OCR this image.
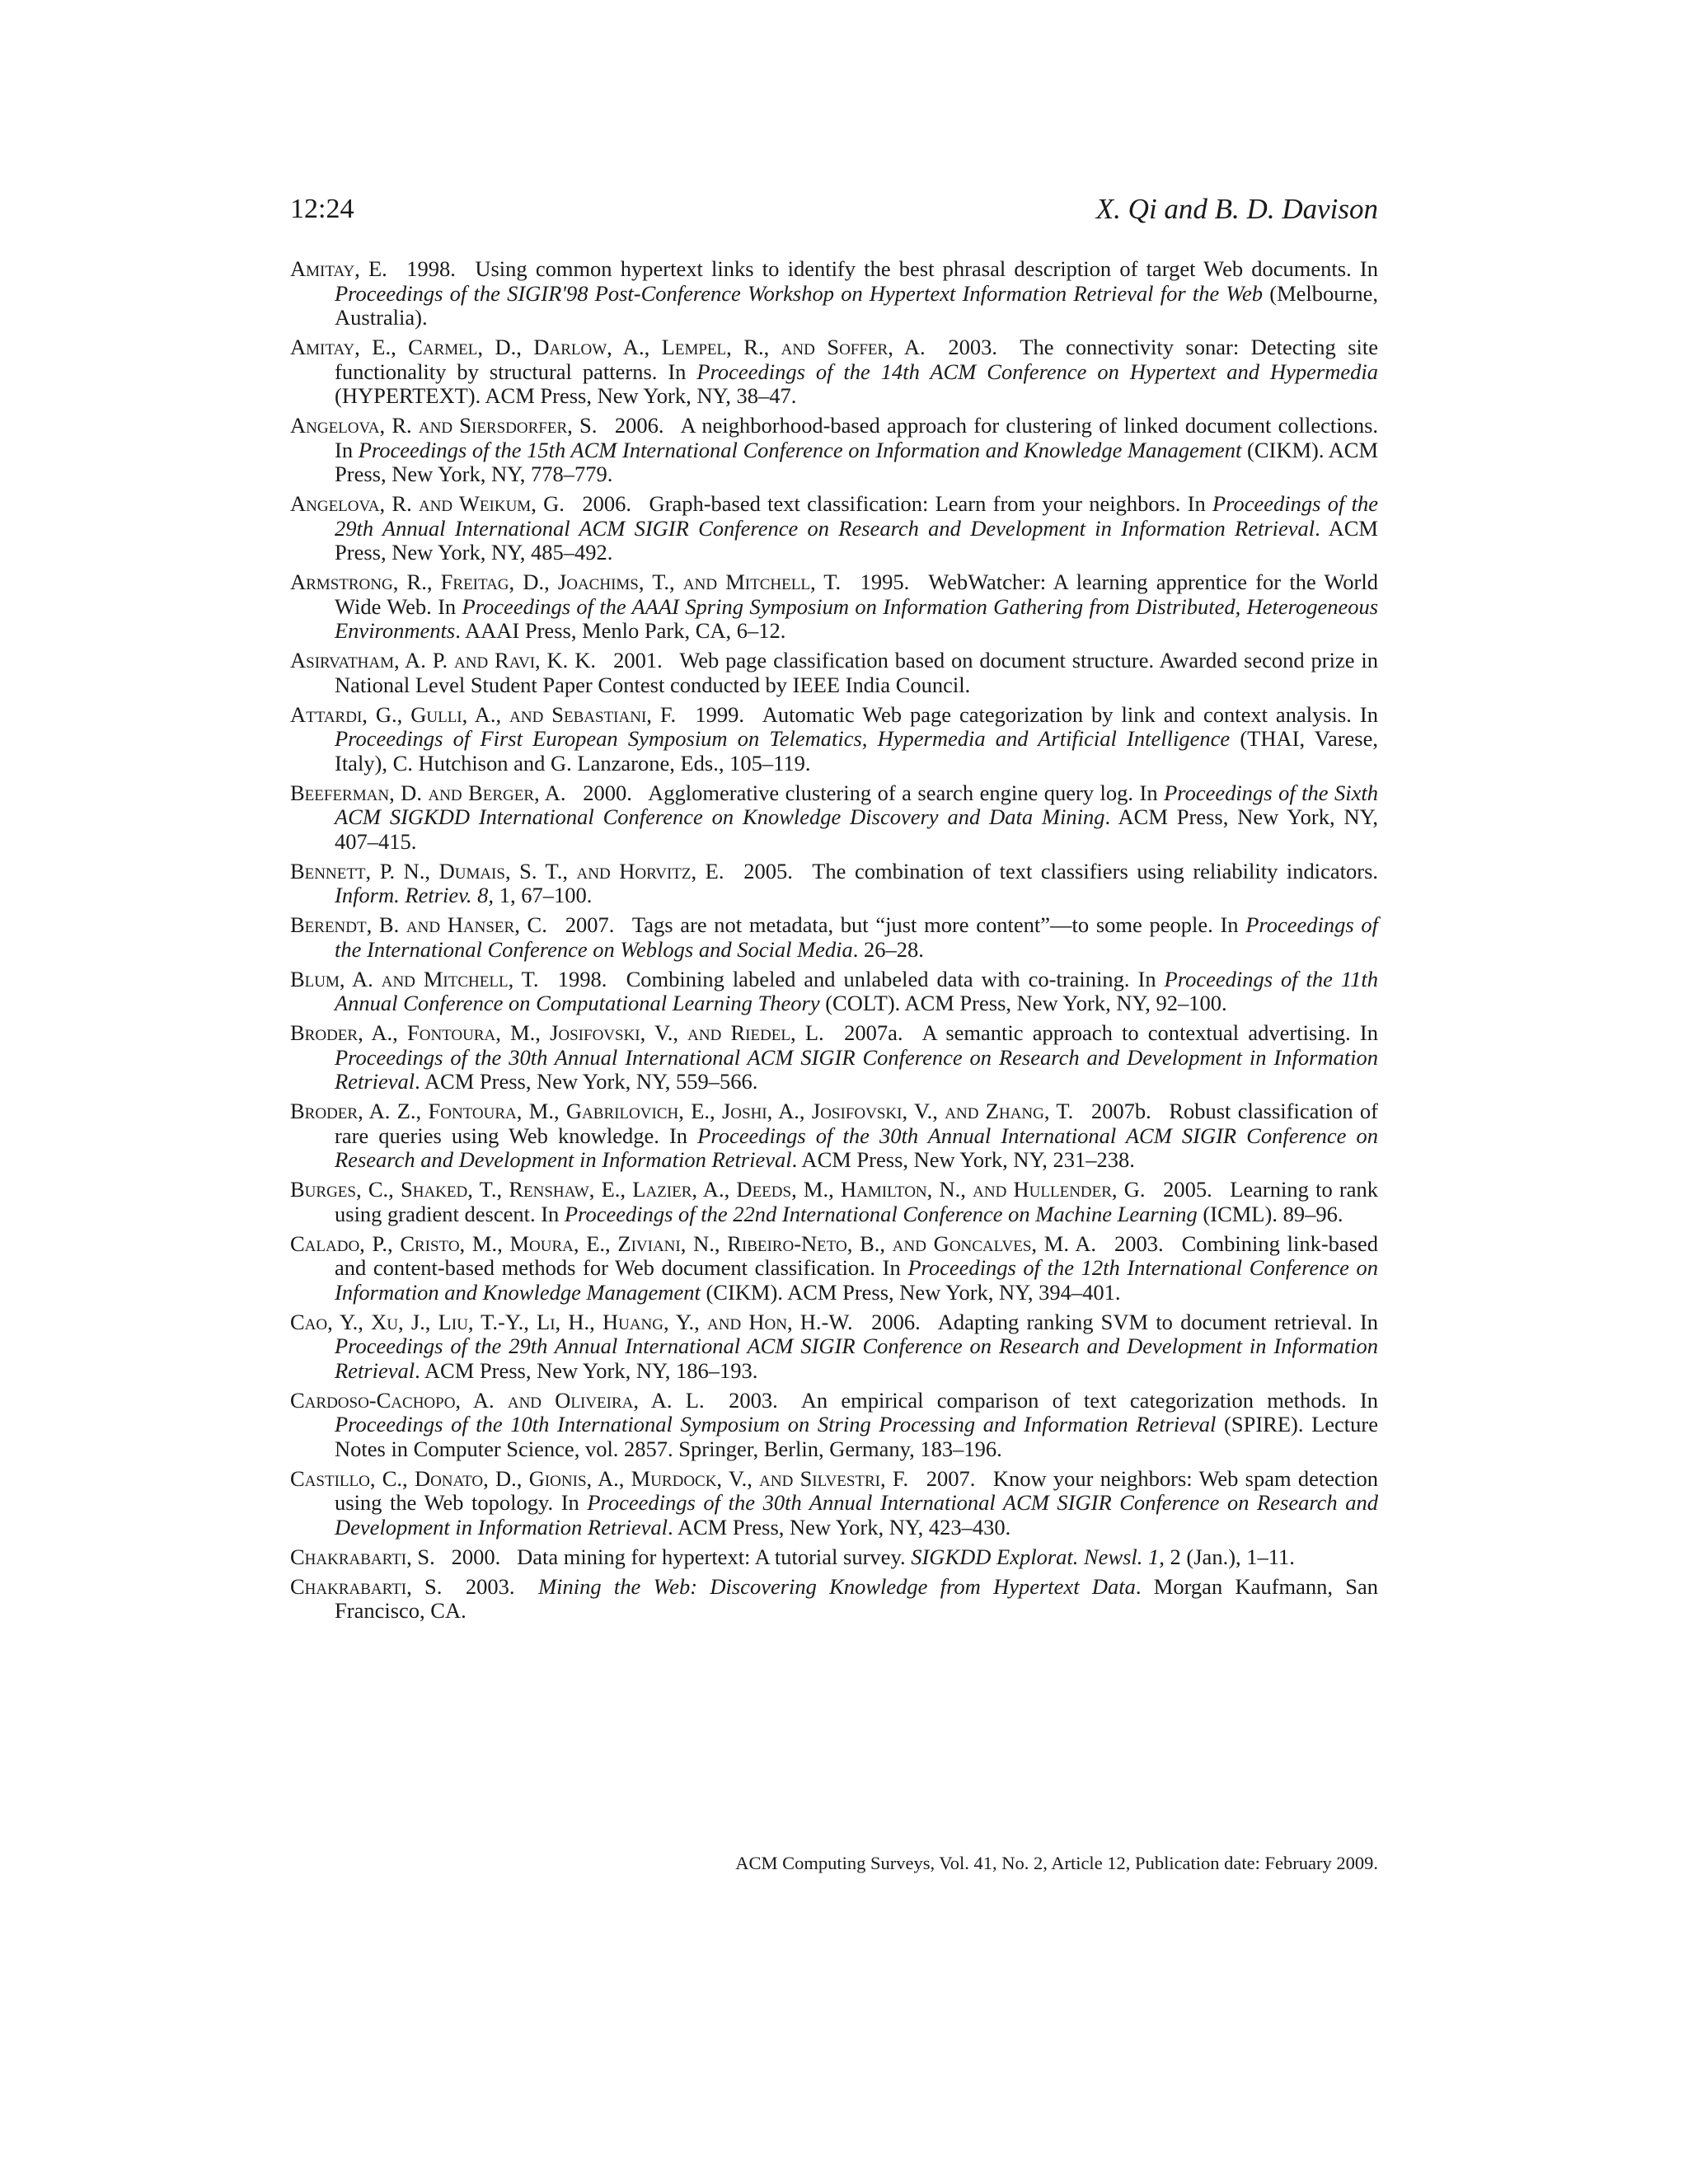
12:24	X. Qi and B. D. Davison
Amitay, E.  1998.  Using common hypertext links to identify the best phrasal description of target Web documents. In Proceedings of the SIGIR'98 Post-Conference Workshop on Hypertext Information Retrieval for the Web (Melbourne, Australia).
Amitay, E., Carmel, D., Darlow, A., Lempel, R., and Soffer, A.  2003.  The connectivity sonar: Detecting site functionality by structural patterns. In Proceedings of the 14th ACM Conference on Hypertext and Hypermedia (HYPERTEXT). ACM Press, New York, NY, 38–47.
Angelova, R. and Siersdorfer, S.  2006.  A neighborhood-based approach for clustering of linked document collections. In Proceedings of the 15th ACM International Conference on Information and Knowledge Management (CIKM). ACM Press, New York, NY, 778–779.
Angelova, R. and Weikum, G.  2006.  Graph-based text classification: Learn from your neighbors. In Proceedings of the 29th Annual International ACM SIGIR Conference on Research and Development in Information Retrieval. ACM Press, New York, NY, 485–492.
Armstrong, R., Freitag, D., Joachims, T., and Mitchell, T.  1995.  WebWatcher: A learning apprentice for the World Wide Web. In Proceedings of the AAAI Spring Symposium on Information Gathering from Distributed, Heterogeneous Environments. AAAI Press, Menlo Park, CA, 6–12.
Asirvatham, A. P. and Ravi, K. K.  2001.  Web page classification based on document structure. Awarded second prize in National Level Student Paper Contest conducted by IEEE India Council.
Attardi, G., Gulli, A., and Sebastiani, F.  1999.  Automatic Web page categorization by link and context analysis. In Proceedings of First European Symposium on Telematics, Hypermedia and Artificial Intelligence (THAI, Varese, Italy), C. Hutchison and G. Lanzarone, Eds., 105–119.
Beeferman, D. and Berger, A.  2000.  Agglomerative clustering of a search engine query log. In Proceedings of the Sixth ACM SIGKDD International Conference on Knowledge Discovery and Data Mining. ACM Press, New York, NY, 407–415.
Bennett, P. N., Dumais, S. T., and Horvitz, E.  2005.  The combination of text classifiers using reliability indicators. Inform. Retriev. 8, 1, 67–100.
Berendt, B. and Hanser, C.  2007.  Tags are not metadata, but “just more content”—to some people. In Proceedings of the International Conference on Weblogs and Social Media. 26–28.
Blum, A. and Mitchell, T.  1998.  Combining labeled and unlabeled data with co-training. In Proceedings of the 11th Annual Conference on Computational Learning Theory (COLT). ACM Press, New York, NY, 92–100.
Broder, A., Fontoura, M., Josifovski, V., and Riedel, L.  2007a.  A semantic approach to contextual advertising. In Proceedings of the 30th Annual International ACM SIGIR Conference on Research and Development in Information Retrieval. ACM Press, New York, NY, 559–566.
Broder, A. Z., Fontoura, M., Gabrilovich, E., Joshi, A., Josifovski, V., and Zhang, T.  2007b.  Robust classification of rare queries using Web knowledge. In Proceedings of the 30th Annual International ACM SIGIR Conference on Research and Development in Information Retrieval. ACM Press, New York, NY, 231–238.
Burges, C., Shaked, T., Renshaw, E., Lazier, A., Deeds, M., Hamilton, N., and Hullender, G.  2005.  Learning to rank using gradient descent. In Proceedings of the 22nd International Conference on Machine Learning (ICML). 89–96.
Calado, P., Cristo, M., Moura, E., Ziviani, N., Ribeiro-Neto, B., and Goncalves, M. A.  2003.  Combining link-based and content-based methods for Web document classification. In Proceedings of the 12th International Conference on Information and Knowledge Management (CIKM). ACM Press, New York, NY, 394–401.
Cao, Y., Xu, J., Liu, T.-Y., Li, H., Huang, Y., and Hon, H.-W.  2006.  Adapting ranking SVM to document retrieval. In Proceedings of the 29th Annual International ACM SIGIR Conference on Research and Development in Information Retrieval. ACM Press, New York, NY, 186–193.
Cardoso-Cachopo, A. and Oliveira, A. L.  2003.  An empirical comparison of text categorization methods. In Proceedings of the 10th International Symposium on String Processing and Information Retrieval (SPIRE). Lecture Notes in Computer Science, vol. 2857. Springer, Berlin, Germany, 183–196.
Castillo, C., Donato, D., Gionis, A., Murdock, V., and Silvestri, F.  2007.  Know your neighbors: Web spam detection using the Web topology. In Proceedings of the 30th Annual International ACM SIGIR Conference on Research and Development in Information Retrieval. ACM Press, New York, NY, 423–430.
Chakrabarti, S.  2000.  Data mining for hypertext: A tutorial survey. SIGKDD Explorat. Newsl. 1, 2 (Jan.), 1–11.
Chakrabarti, S.  2003.  Mining the Web: Discovering Knowledge from Hypertext Data. Morgan Kaufmann, San Francisco, CA.
ACM Computing Surveys, Vol. 41, No. 2, Article 12, Publication date: February 2009.
